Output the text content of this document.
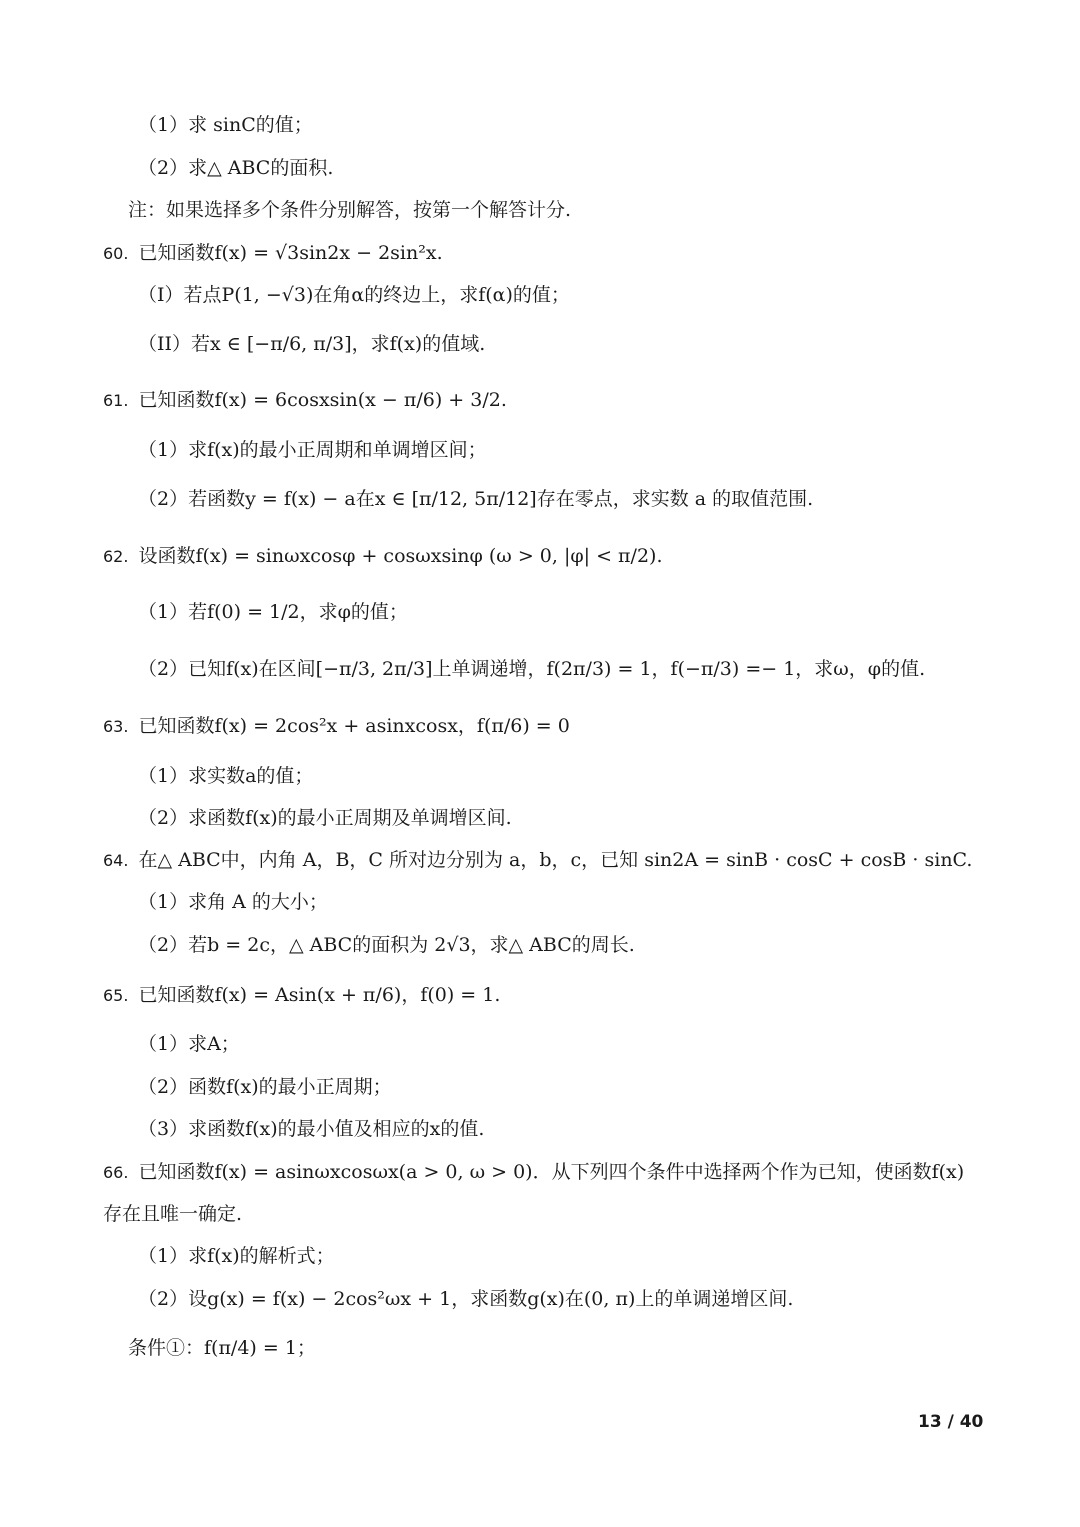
（1）求 sinC的值；
（2）求△ ABC的面积.
注：如果选择多个条件分别解答，按第一个解答计分.
60. 已知函数f(x) = √3sin2x − 2sin²x.
（I）若点P(1, −√3)在角α的终边上，求f(α)的值；
（II）若x ∈ [−π/6, π/3]，求f(x)的值域.
61. 已知函数f(x) = 6cosxsin(x − π/6) + 3/2.
（1）求f(x)的最小正周期和单调增区间；
（2）若函数y = f(x) − a在x ∈ [π/12, 5π/12]存在零点，求实数 a 的取值范围.
62. 设函数f(x) = sinωxcosφ + cosωxsinφ (ω > 0, |φ| < π/2).
（1）若f(0) = 1/2，求φ的值；
（2）已知f(x)在区间[−π/3, 2π/3]上单调递增，f(2π/3) = 1，f(−π/3) =− 1，求ω，φ的值.
63. 已知函数f(x) = 2cos²x + asinxcosx，f(π/6) = 0
（1）求实数a的值；
（2）求函数f(x)的最小正周期及单调增区间.
64. 在△ ABC中，内角 A，B，C 所对边分别为 a，b，c，已知 sin2A = sinB · cosC + cosB · sinC.
（1）求角 A 的大小；
（2）若b = 2c，△ ABC的面积为 2√3，求△ ABC的周长.
65. 已知函数f(x) = Asin(x + π/6)，f(0) = 1.
（1）求A；
（2）函数f(x)的最小正周期；
（3）求函数f(x)的最小值及相应的x的值.
66. 已知函数f(x) = asinωxcosωx(a > 0, ω > 0)．从下列四个条件中选择两个作为已知，使函数f(x)
存在且唯一确定.
（1）求f(x)的解析式；
（2）设g(x) = f(x) − 2cos²ωx + 1，求函数g(x)在(0, π)上的单调递增区间.
条件①：f(π/4) = 1；
13 / 40
